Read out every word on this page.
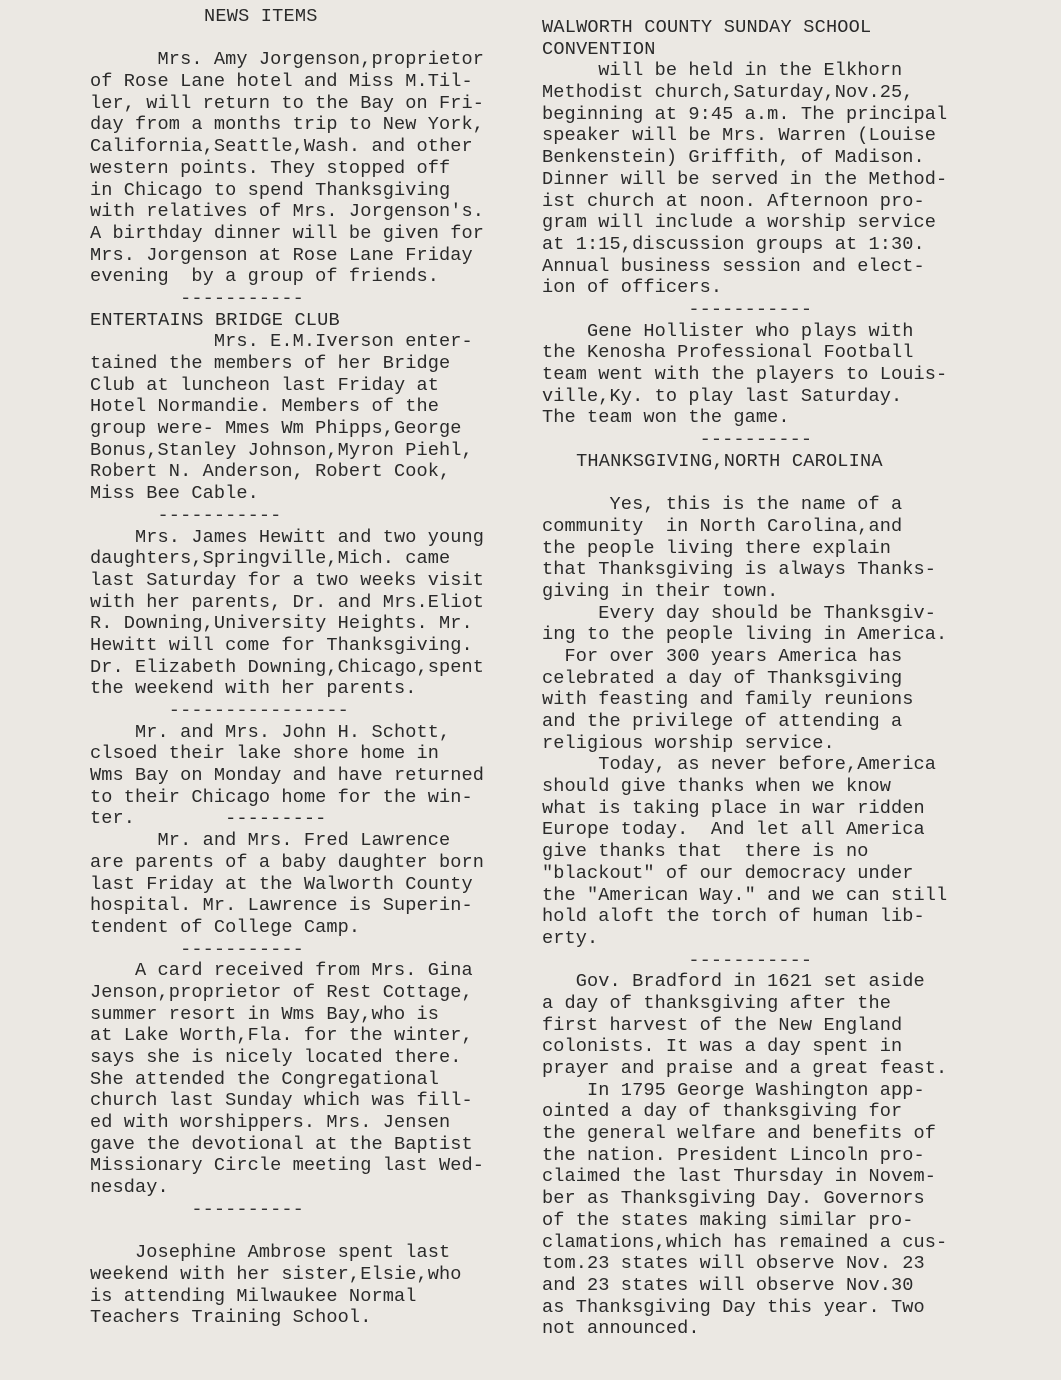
NEWS ITEMS
Mrs. Amy Jorgenson,proprietor
of Rose Lane hotel and Miss M.Til-
ler, will return to the Bay on Fri-
day from a months trip to New York,
California,Seattle,Wash. and other
western points. They stopped off
in Chicago to spend Thanksgiving
with relatives of Mrs. Jorgenson's.
A birthday dinner will be given for
Mrs. Jorgenson at Rose Lane Friday
evening  by a group of friends.
-----------
ENTERTAINS BRIDGE CLUB
Mrs. E.M.Iverson enter-
tained the members of her Bridge
Club at luncheon last Friday at
Hotel Normandie. Members of the
group were- Mmes Wm Phipps,George
Bonus,Stanley Johnson,Myron Piehl,
Robert N. Anderson, Robert Cook,
Miss Bee Cable.
-----------
Mrs. James Hewitt and two young
daughters,Springville,Mich. came
last Saturday for a two weeks visit
with her parents, Dr. and Mrs.Eliot
R. Downing,University Heights. Mr.
Hewitt will come for Thanksgiving.
Dr. Elizabeth Downing,Chicago,spent
the weekend with her parents.
----------------
Mr. and Mrs. John H. Schott,
clsoed their lake shore home in
Wms Bay on Monday and have returned
to their Chicago home for the win-
ter.        ---------
Mr. and Mrs. Fred Lawrence
are parents of a baby daughter born
last Friday at the Walworth County
hospital. Mr. Lawrence is Superin-
tendent of College Camp.
-----------
A card received from Mrs. Gina
Jenson,proprietor of Rest Cottage,
summer resort in Wms Bay,who is
at Lake Worth,Fla. for the winter,
says she is nicely located there.
She attended the Congregational
church last Sunday which was fill-
ed with worshippers. Mrs. Jensen
gave the devotional at the Baptist
Missionary Circle meeting last Wed-
nesday.
----------
Josephine Ambrose spent last
weekend with her sister,Elsie,who
is attending Milwaukee Normal
Teachers Training School.
WALWORTH COUNTY SUNDAY SCHOOL
CONVENTION
will be held in the Elkhorn
Methodist church,Saturday,Nov.25,
beginning at 9:45 a.m. The principal
speaker will be Mrs. Warren (Louise
Benkenstein) Griffith, of Madison.
Dinner will be served in the Method-
ist church at noon. Afternoon pro-
gram will include a worship service
at 1:15,discussion groups at 1:30.
Annual business session and elect-
ion of officers.
-----------
Gene Hollister who plays with
the Kenosha Professional Football
team went with the players to Louis-
ville,Ky. to play last Saturday.
The team won the game.
----------
THANKSGIVING,NORTH CAROLINA
Yes, this is the name of a
community  in North Carolina,and
the people living there explain
that Thanksgiving is always Thanks-
giving in their town.
Every day should be Thanksgiv-
ing to the people living in America.
For over 300 years America has
celebrated a day of Thanksgiving
with feasting and family reunions
and the privilege of attending a
religious worship service.
Today, as never before,America
should give thanks when we know
what is taking place in war ridden
Europe today.  And let all America
give thanks that  there is no
"blackout" of our democracy under
the "American Way." and we can still
hold aloft the torch of human lib-
erty.
-----------
Gov. Bradford in 1621 set aside
a day of thanksgiving after the
first harvest of the New England
colonists. It was a day spent in
prayer and praise and a great feast.
In 1795 George Washington app-
ointed a day of thanksgiving for
the general welfare and benefits of
the nation. President Lincoln pro-
claimed the last Thursday in Novem-
ber as Thanksgiving Day. Governors
of the states making similar pro-
clamations,which has remained a cus-
tom.23 states will observe Nov. 23
and 23 states will observe Nov.30
as Thanksgiving Day this year. Two
not announced.
